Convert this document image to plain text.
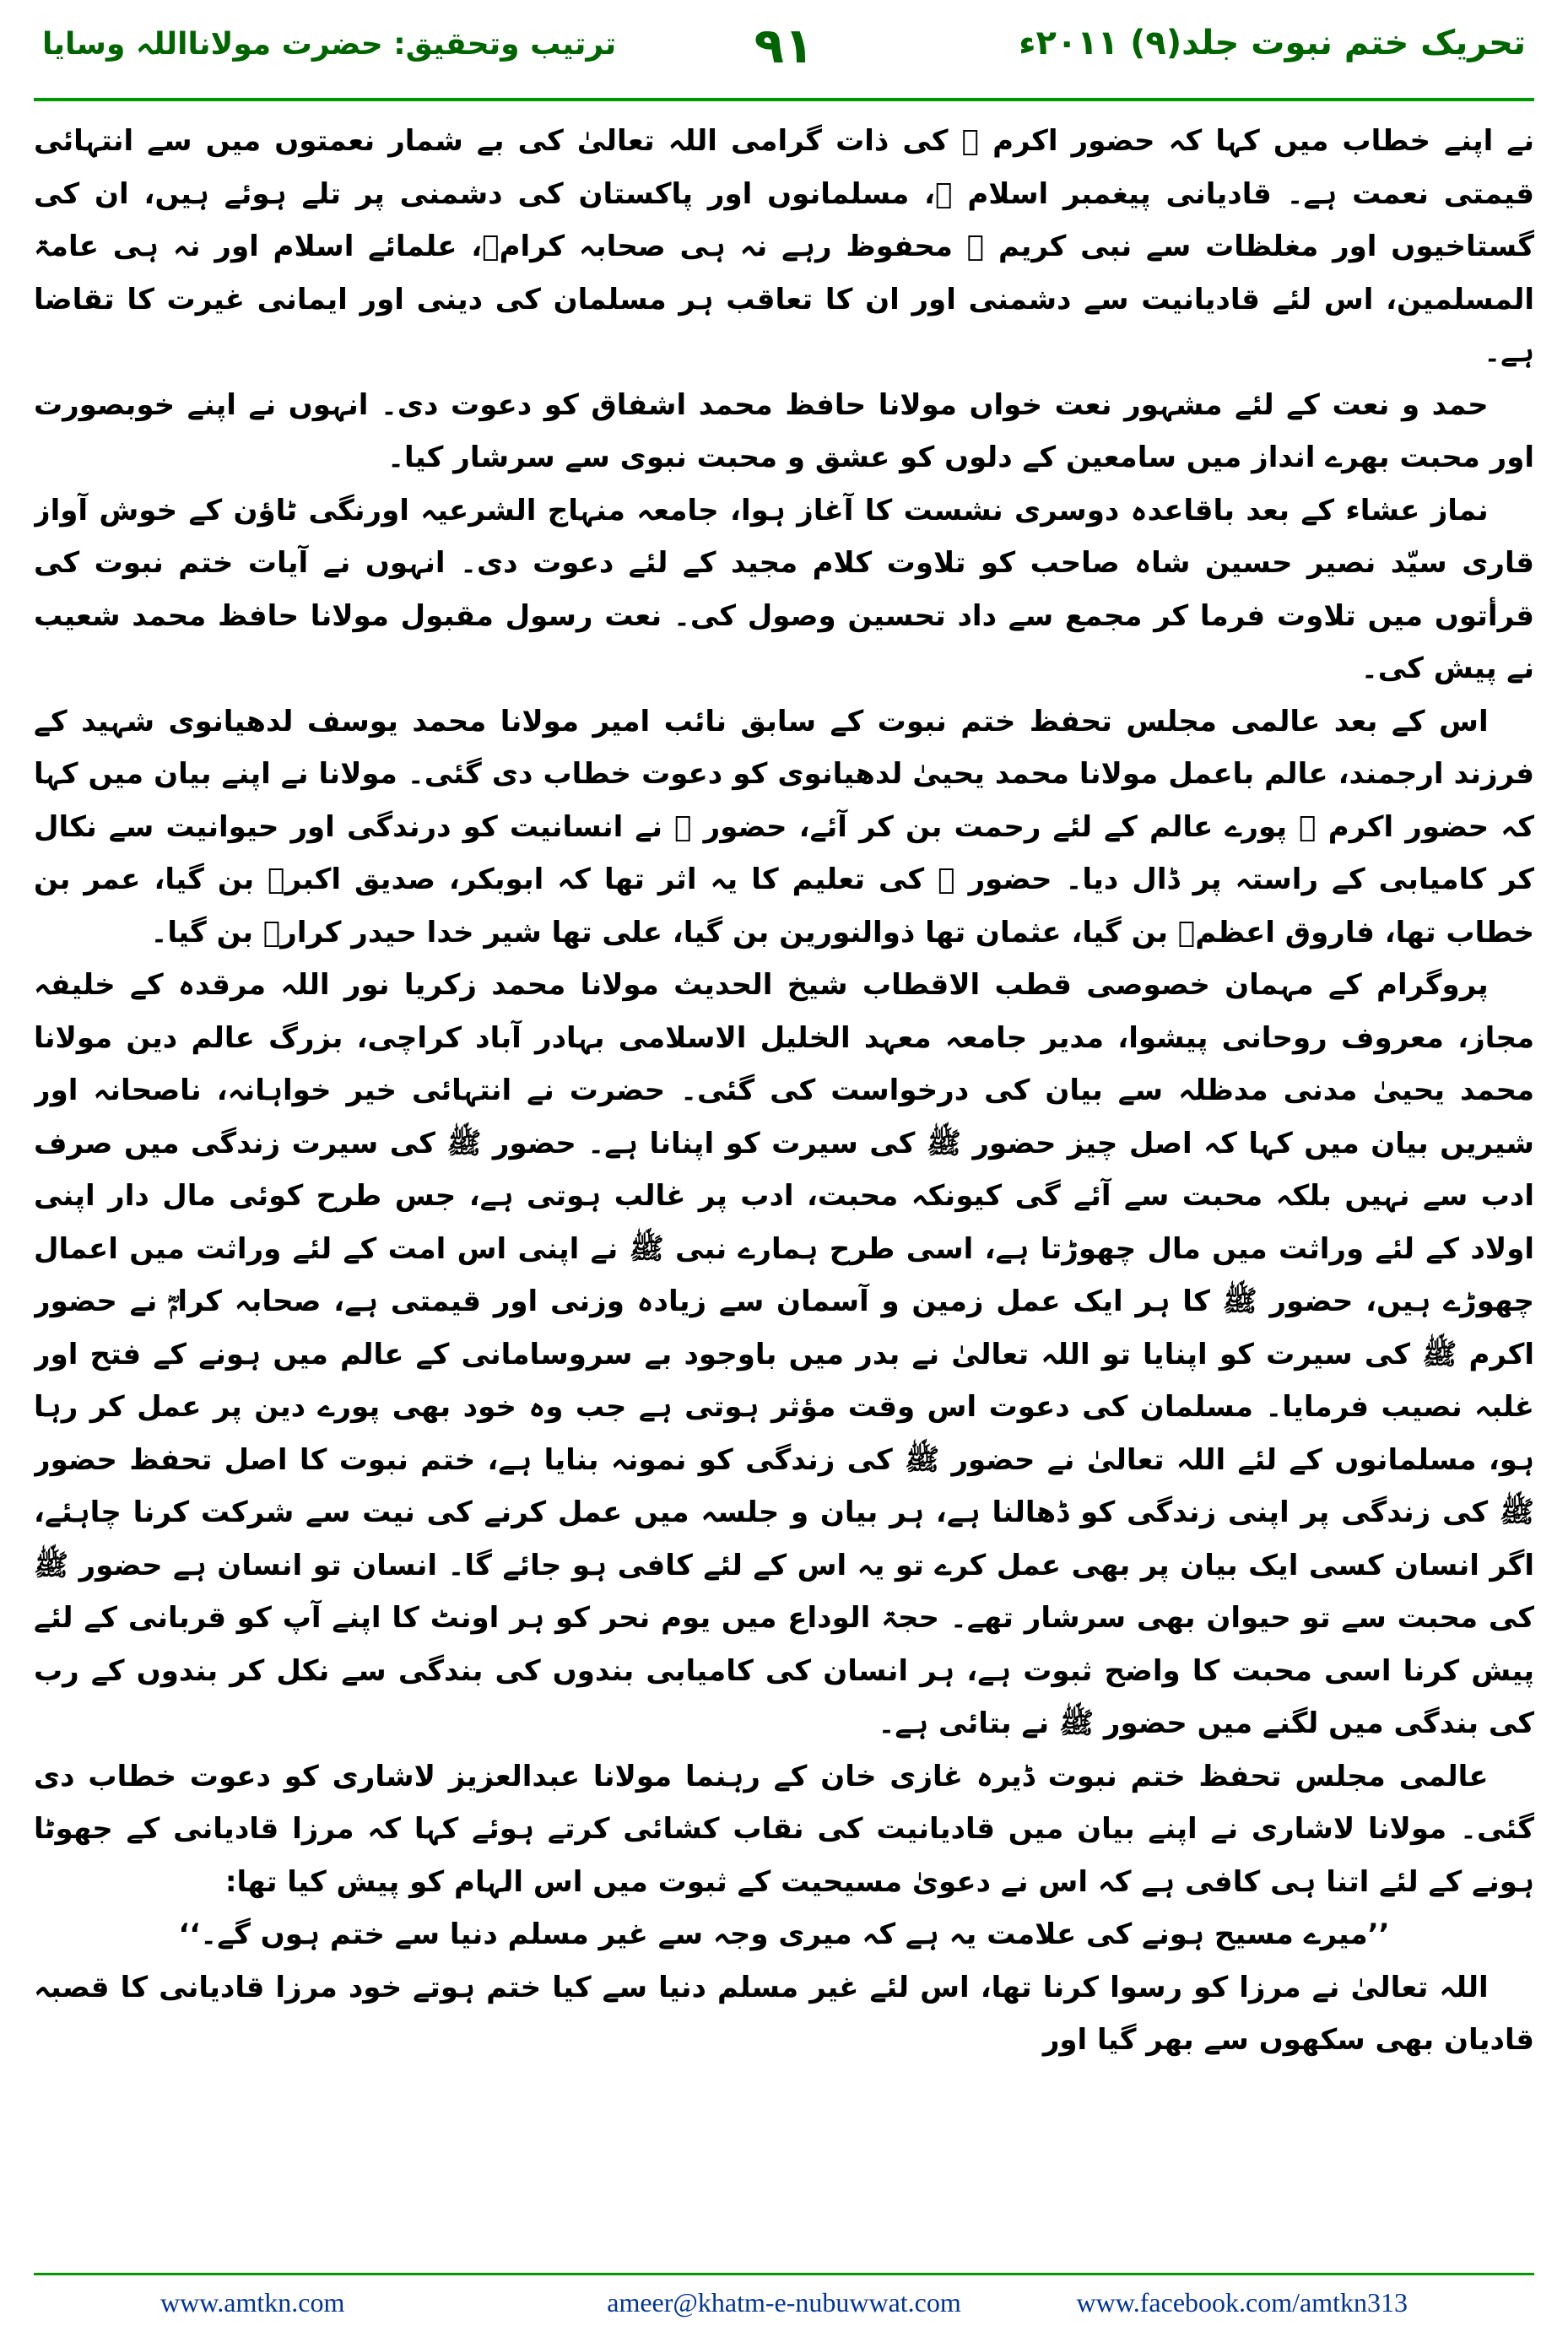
تحریک ختم نبوت جلد(۹) ۲۰۱۱ء
۹۱
ترتیب وتحقیق: حضرت مولانااللہ وسایا

نے اپنے خطاب میں کہا کہ حضور اکرم ﷺ کی ذات گرامی اللہ تعالیٰ کی بے شمار نعمتوں میں سے انتہائی قیمتی نعمت ہے۔ قادیانی پیغمبر اسلام ﷺ، مسلمانوں اور پاکستان کی دشمنی پر تلے ہوئے ہیں، ان کی گستاخیوں اور مغلظات سے نبی کریم ﷺ محفوظ رہے نہ ہی صحابہ کرامؓ، علمائے اسلام اور نہ ہی عامۃ المسلمین، اس لئے قادیانیت سے دشمنی اور ان کا تعاقب ہر مسلمان کی دینی اور ایمانی غیرت کا تقاضا ہے۔

حمد و نعت کے لئے مشہور نعت خواں مولانا حافظ محمد اشفاق کو دعوت دی۔ انہوں نے اپنے خوبصورت اور محبت بھرے انداز میں سامعین کے دلوں کو عشق و محبت نبوی سے سرشار کیا۔

نماز عشاء کے بعد باقاعدہ دوسری نشست کا آغاز ہوا، جامعہ منہاج الشرعیہ اورنگی ٹاؤن کے خوش آواز قاری سیّد نصیر حسین شاہ صاحب کو تلاوت کلام مجید کے لئے دعوت دی۔ انہوں نے آیات ختم نبوت کی قرأتوں میں تلاوت فرما کر مجمع سے داد تحسین وصول کی۔ نعت رسول مقبول مولانا حافظ محمد شعیب نے پیش کی۔

اس کے بعد عالمی مجلس تحفظ ختم نبوت کے سابق نائب امیر مولانا محمد یوسف لدھیانوی شہید کے فرزند ارجمند، عالم باعمل مولانا محمد یحییٰ لدھیانوی کو دعوت خطاب دی گئی۔ مولانا نے اپنے بیان میں کہا کہ حضور اکرم ﷺ پورے عالم کے لئے رحمت بن کر آئے، حضور ﷺ نے انسانیت کو درندگی اور حیوانیت سے نکال کر کامیابی کے راستہ پر ڈال دیا۔ حضور ﷺ کی تعلیم کا یہ اثر تھا کہ ابوبکر، صدیق اکبرؓ بن گیا، عمر بن خطاب تھا، فاروق اعظمؓ بن گیا، عثمان تھا ذوالنورین بن گیا، علی تھا شیر خدا حیدر کرارؓ بن گیا۔

پروگرام کے مہمان خصوصی قطب الاقطاب شیخ الحدیث مولانا محمد زکریا نور اللہ مرقدہ کے خلیفہ مجاز، معروف روحانی پیشوا، مدیر جامعہ معہد الخلیل الاسلامی بہادر آباد کراچی، بزرگ عالم دین مولانا محمد یحییٰ مدنی مدظلہ سے بیان کی درخواست کی گئی۔ حضرت نے انتہائی خیر خواہانہ، ناصحانہ اور شیریں بیان میں کہا کہ اصل چیز حضور ﷺ کی سیرت کو اپنانا ہے۔ حضور ﷺ کی سیرت زندگی میں صرف ادب سے نہیں بلکہ محبت سے آئے گی کیونکہ محبت، ادب پر غالب ہوتی ہے، جس طرح کوئی مال دار اپنی اولاد کے لئے وراثت میں مال چھوڑتا ہے، اسی طرح ہمارے نبی ﷺ نے اپنی اس امت کے لئے وراثت میں اعمال چھوڑے ہیں، حضور ﷺ کا ہر ایک عمل زمین و آسمان سے زیادہ وزنی اور قیمتی ہے، صحابہ کرامؓ نے حضور اکرم ﷺ کی سیرت کو اپنایا تو اللہ تعالیٰ نے بدر میں باوجود بے سروسامانی کے عالم میں ہونے کے فتح اور غلبہ نصیب فرمایا۔ مسلمان کی دعوت اس وقت مؤثر ہوتی ہے جب وہ خود بھی پورے دین پر عمل کر رہا ہو، مسلمانوں کے لئے اللہ تعالیٰ نے حضور ﷺ کی زندگی کو نمونہ بنایا ہے، ختم نبوت کا اصل تحفظ حضور ﷺ کی زندگی پر اپنی زندگی کو ڈھالنا ہے، ہر بیان و جلسہ میں عمل کرنے کی نیت سے شرکت کرنا چاہئے، اگر انسان کسی ایک بیان پر بھی عمل کرے تو یہ اس کے لئے کافی ہو جائے گا۔ انسان تو انسان ہے حضور ﷺ کی محبت سے تو حیوان بھی سرشار تھے۔ حجۃ الوداع میں یوم نحر کو ہر اونٹ کا اپنے آپ کو قربانی کے لئے پیش کرنا اسی محبت کا واضح ثبوت ہے، ہر انسان کی کامیابی بندوں کی بندگی سے نکل کر بندوں کے رب کی بندگی میں لگنے میں حضور ﷺ نے بتائی ہے۔

عالمی مجلس تحفظ ختم نبوت ڈیرہ غازی خان کے رہنما مولانا عبدالعزیز لاشاری کو دعوت خطاب دی گئی۔ مولانا لاشاری نے اپنے بیان میں قادیانیت کی نقاب کشائی کرتے ہوئے کہا کہ مرزا قادیانی کے جھوٹا ہونے کے لئے اتنا ہی کافی ہے کہ اس نے دعویٰ مسیحیت کے ثبوت میں اس الہام کو پیش کیا تھا:

’’میرے مسیح ہونے کی علامت یہ ہے کہ میری وجہ سے غیر مسلم دنیا سے ختم ہوں گے۔‘‘

اللہ تعالیٰ نے مرزا کو رسوا کرنا تھا، اس لئے غیر مسلم دنیا سے کیا ختم ہوتے خود مرزا قادیانی کا قصبہ قادیان بھی سکھوں سے بھر گیا اور

www.amtkn.com	ameer@khatm-e-nubuwwat.com	www.facebook.com/amtkn313
